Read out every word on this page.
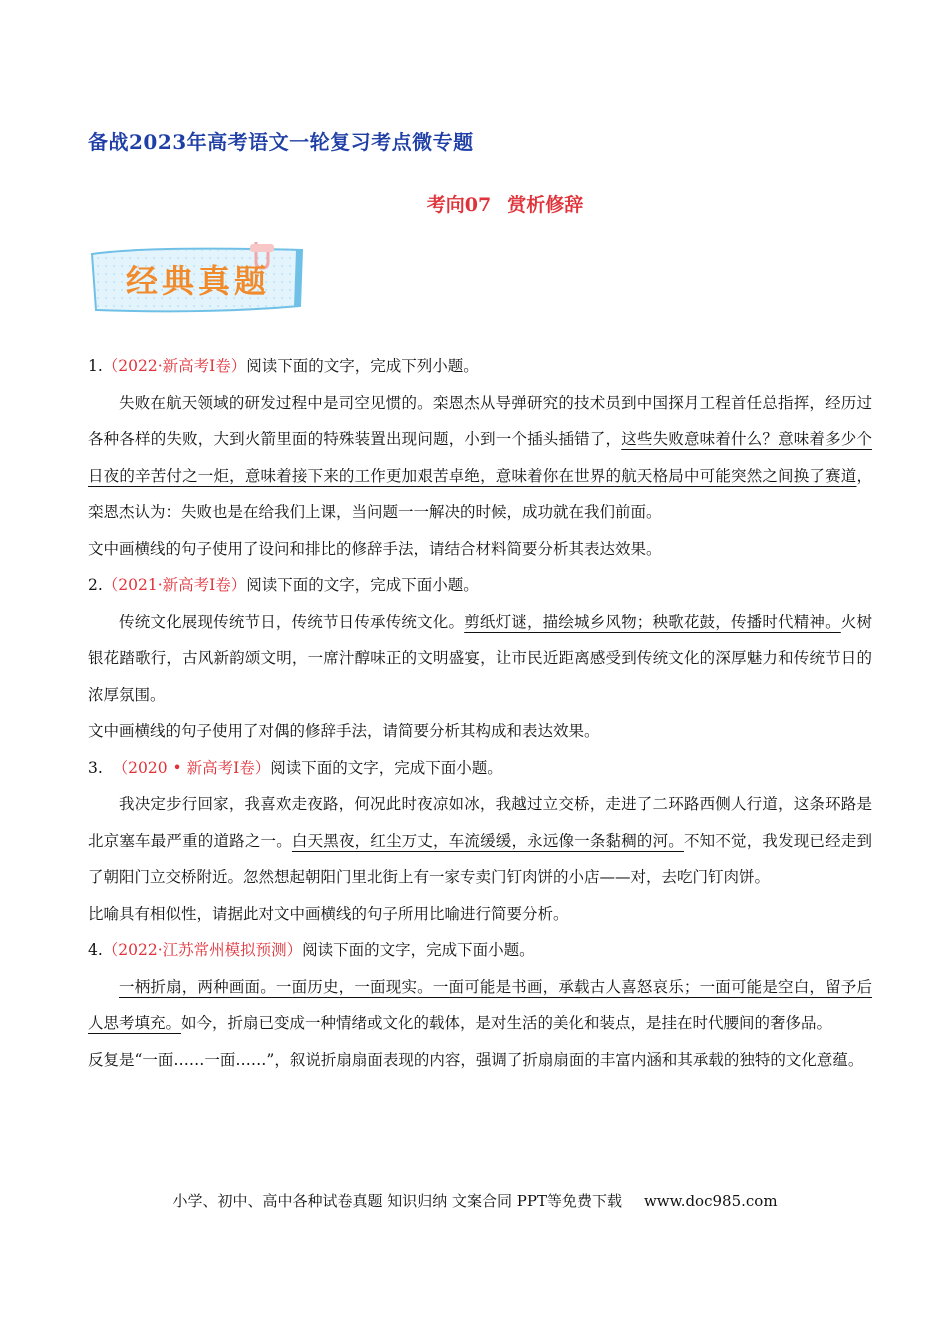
备战2023年高考语文一轮复习考点微专题
考向07 赏析修辞
经典真题

1.（2022·新高考Ⅰ卷）阅读下面的文字，完成下列小题。

失败在航天领域的研发过程中是司空见惯的。栾恩杰从导弹研究的技术员到中国探月工程首任总指挥，经历过各种各样的失败，大到火箭里面的特殊装置出现问题，小到一个插头插错了，这些失败意味着什么？意味着多少个日夜的辛苦付之一炬，意味着接下来的工作更加艰苦卓绝，意味着你在世界的航天格局中可能突然之间换了赛道，栾恩杰认为：失败也是在给我们上课，当问题一一解决的时候，成功就在我们前面。

文中画横线的句子使用了设问和排比的修辞手法，请结合材料简要分析其表达效果。

2.（2021·新高考Ⅰ卷）阅读下面的文字，完成下面小题。

传统文化展现传统节日，传统节日传承传统文化。剪纸灯谜，描绘城乡风物；秧歌花鼓，传播时代精神。火树银花踏歌行，古风新韵颂文明，一席汁醇味正的文明盛宴，让市民近距离感受到传统文化的深厚魅力和传统节日的浓厚氛围。

文中画横线的句子使用了对偶的修辞手法，请简要分析其构成和表达效果。

3. （2020 • 新高考Ⅰ卷）阅读下面的文字，完成下面小题。

我决定步行回家，我喜欢走夜路，何况此时夜凉如冰，我越过立交桥，走进了二环路西侧人行道，这条环路是北京塞车最严重的道路之一。白天黑夜，红尘万丈，车流缓缓，永远像一条黏稠的河。不知不觉，我发现已经走到了朝阳门立交桥附近。忽然想起朝阳门里北街上有一家专卖门钉肉饼的小店——对，去吃门钉肉饼。

比喻具有相似性，请据此对文中画横线的句子所用比喻进行简要分析。

4.（2022·江苏常州模拟预测）阅读下面的文字，完成下面小题。

一柄折扇，两种画面。一面历史，一面现实。一面可能是书画，承载古人喜怒哀乐；一面可能是空白，留予后人思考填充。如今，折扇已变成一种情绪或文化的载体，是对生活的美化和装点，是挂在时代腰间的奢侈品。

反复是“一面……一面……”，叙说折扇扇面表现的内容，强调了折扇扇面的丰富内涵和其承载的独特的文化意蕴。

小学、初中、高中各种试卷真题 知识归纳 文案合同 PPT等免费下载 www.doc985.com
